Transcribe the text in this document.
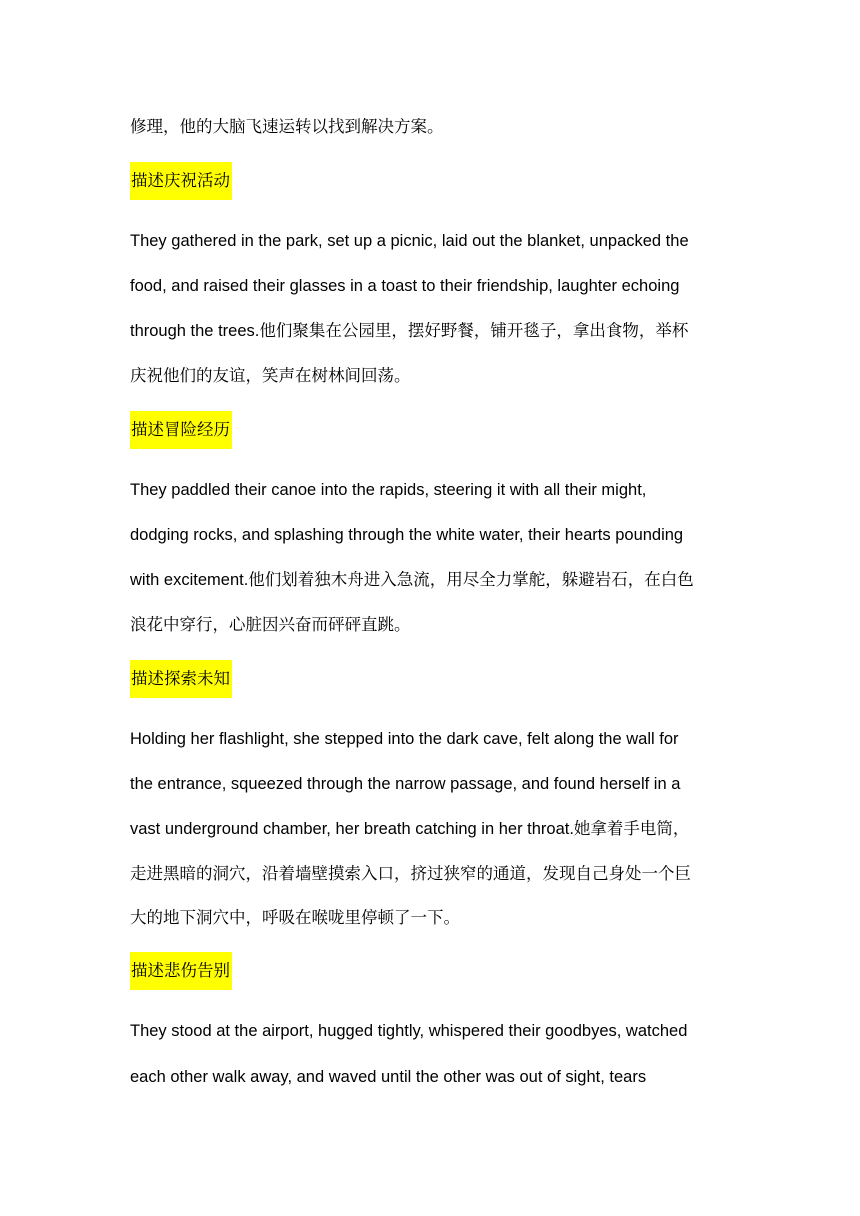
修理，他的大脑飞速运转以找到解决方案。
描述庆祝活动
They gathered in the park, set up a picnic, laid out the blanket, unpacked the
food, and raised their glasses in a toast to their friendship, laughter echoing
through the trees.他们聚集在公园里，摆好野餐，铺开毯子，拿出食物，举杯
庆祝他们的友谊，笑声在树林间回荡。
描述冒险经历
They paddled their canoe into the rapids, steering it with all their might,
dodging rocks, and splashing through the white water, their hearts pounding
with excitement.他们划着独木舟进入急流，用尽全力掌舵，躲避岩石，在白色
浪花中穿行，心脏因兴奋而砰砰直跳。
描述探索未知
Holding her flashlight, she stepped into the dark cave, felt along the wall for
the entrance, squeezed through the narrow passage, and found herself in a
vast underground chamber, her breath catching in her throat.她拿着手电筒，
走进黑暗的洞穴，沿着墙壁摸索入口，挤过狭窄的通道，发现自己身处一个巨
大的地下洞穴中，呼吸在喉咙里停顿了一下。
描述悲伤告别
They stood at the airport, hugged tightly, whispered their goodbyes, watched
each other walk away, and waved until the other was out of sight, tears
